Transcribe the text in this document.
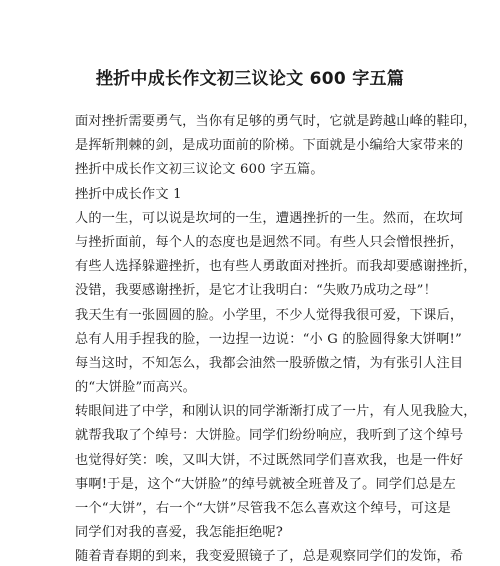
挫折中成长作文初三议论文 600 字五篇
面对挫折需要勇气，当你有足够的勇气时，它就是跨越山峰的鞋印，
是挥斩荆棘的剑，是成功面前的阶梯。下面就是小编给大家带来的
挫折中成长作文初三议论文 600 字五篇。
挫折中成长作文 1
人的一生，可以说是坎坷的一生，遭遇挫折的一生。然而，在坎坷
与挫折面前，每个人的态度也是迥然不同。有些人只会憎恨挫折，
有些人选择躲避挫折，也有些人勇敢面对挫折。而我却要感谢挫折，
没错，我要感谢挫折，是它才让我明白：“失败乃成功之母”！
我天生有一张圆圆的脸。小学里，不少人觉得我很可爱，下课后，
总有人用手捏我的脸，一边捏一边说：“小 G 的脸圆得象大饼啊!”
每当这时，不知怎么，我都会油然一股骄傲之情，为有张引人注目
的“大饼脸”而高兴。
转眼间进了中学，和刚认识的同学渐渐打成了一片，有人见我脸大，
就帮我取了个绰号：大饼脸。同学们纷纷响应，我听到了这个绰号
也觉得好笑：唉，又叫大饼，不过既然同学们喜欢我，也是一件好
事啊!于是，这个“大饼脸”的绰号就被全班普及了。同学们总是左
一个“大饼”，右一个“大饼”尽管我不怎么喜欢这个绰号，可这是
同学们对我的喜爱，我怎能拒绝呢?
随着青春期的到来，我变爱照镜子了，总是观察同学们的发饰，希
